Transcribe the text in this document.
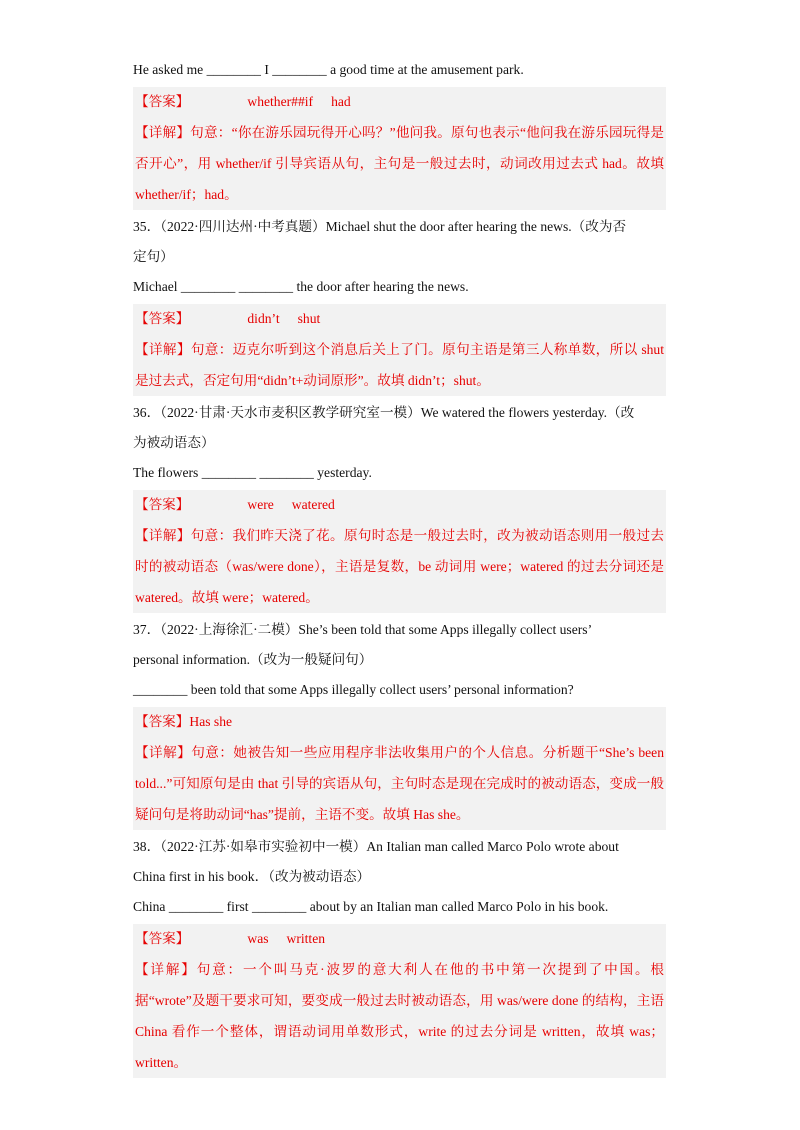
He asked me ________ I ________ a good time at the amusement park.
【答案】	whether##if had
【详解】句意：“你在游乐园玩得开心吗？”他问我。原句也表示“他问我在游乐园玩得是否开心”，用 whether/if 引导宾语从句，主句是一般过去时，动词改用过去式 had。故填 whether/if；had。
35．（2022·四川达州·中考真题）Michael shut the door after hearing the news.（改为否
定句）
Michael ________ ________ the door after hearing the news.
【答案】	didn’t shut
【详解】句意：迈克尔听到这个消息后关上了门。原句主语是第三人称单数，所以 shut 是过去式，否定句用“didn’t+动词原形”。故填 didn’t；shut。
36．（2022·甘肃·天水市麦积区教学研究室一模）We watered the flowers yesterday.（改
为被动语态）
The flowers ________ ________ yesterday.
【答案】	were watered
【详解】句意：我们昨天浇了花。原句时态是一般过去时，改为被动语态则用一般过去时的被动语态（was/were done），主语是复数，be 动词用 were；watered 的过去分词还是 watered。故填 were；watered。
37．（2022·上海徐汇·二模）She’s been told that some Apps illegally collect users’
personal information.（改为一般疑问句）
________ been told that some Apps illegally collect users’ personal information?
【答案】Has she
【详解】句意：她被告知一些应用程序非法收集用户的个人信息。分析题干“She’s been told...”可知原句是由 that 引导的宾语从句，主句时态是现在完成时的被动语态，变成一般疑问句是将助动词“has”提前，主语不变。故填 Has she。
38．（2022·江苏·如皋市实验初中一模）An Italian man called Marco Polo wrote about
China first in his book．（改为被动语态）
China ________ first ________ about by an Italian man called Marco Polo in his book.
【答案】	was written
【详解】句意：一个叫马克·波罗的意大利人在他的书中第一次提到了中国。根据“wrote”及题干要求可知，要变成一般过去时被动语态，用 was/were done 的结构，主语 China 看作一个整体，谓语动词用单数形式，write 的过去分词是 written，故填 was；written。
